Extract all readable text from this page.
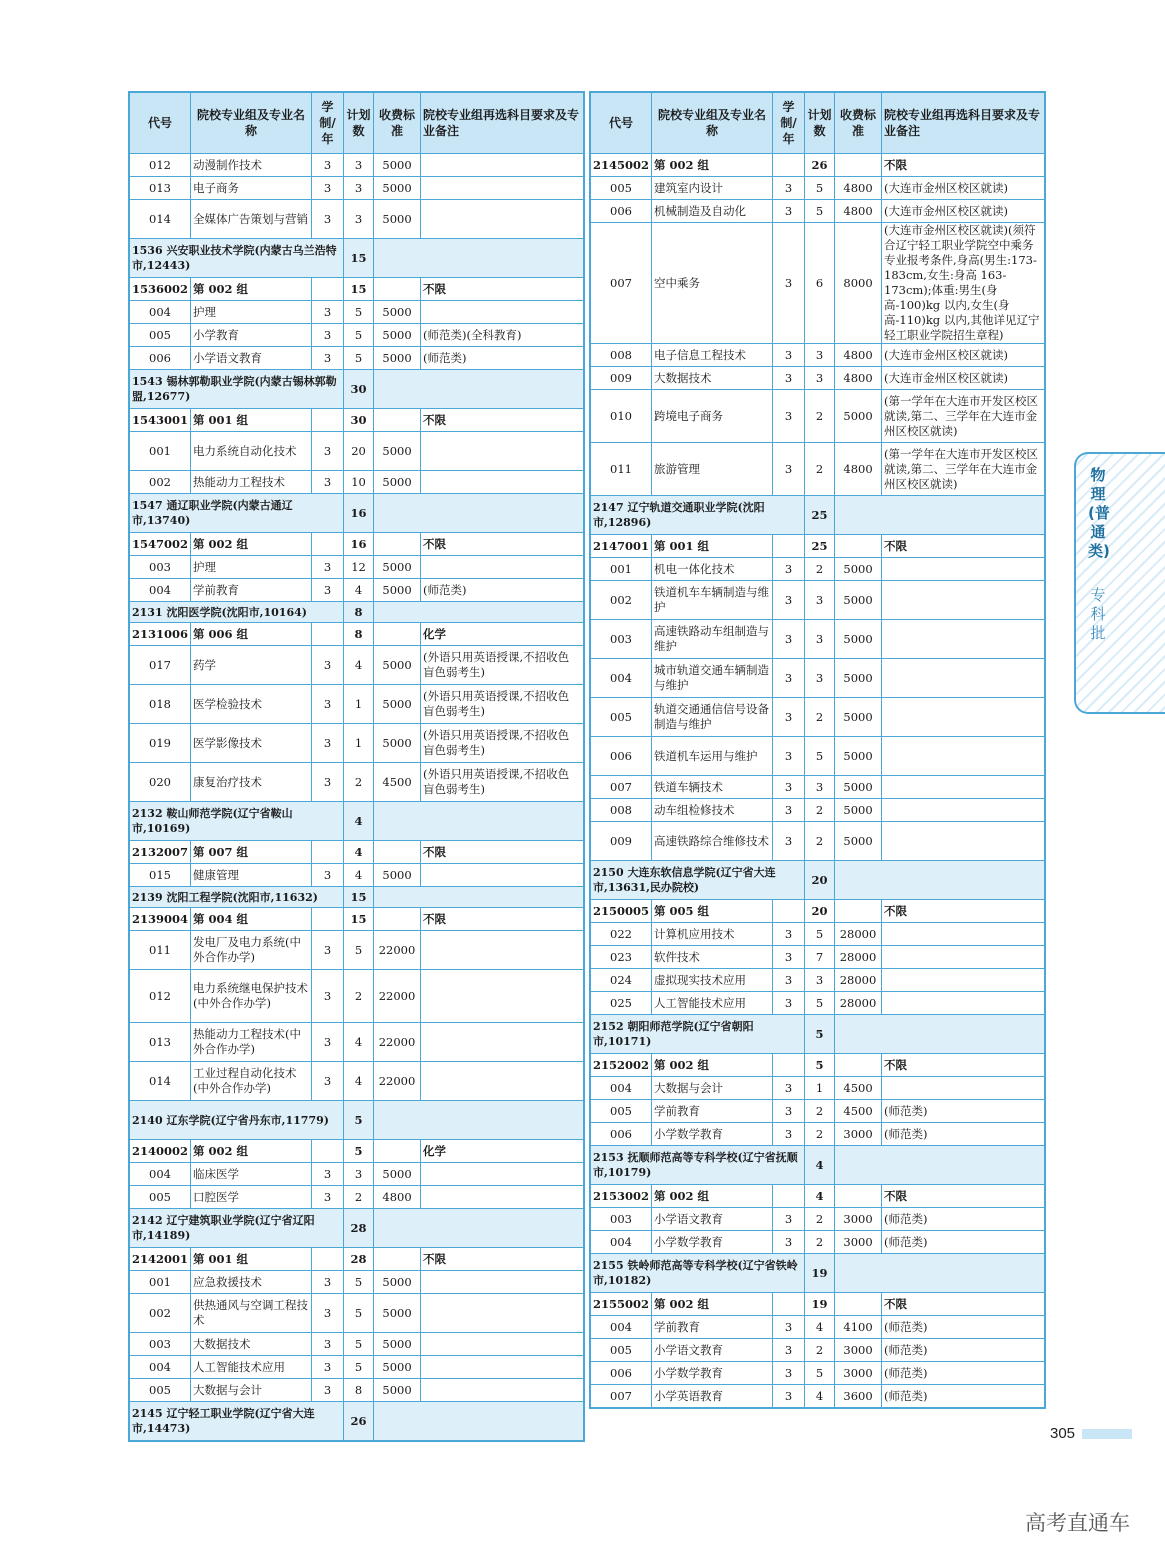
代号	院校专业组及专业名称	学制/年	计划数	收费标准	院校专业组再选科目要求及专业备注
012	动漫制作技术	3	3	5000	
013	电子商务	3	3	5000	
014	全媒体广告策划与营销	3	3	5000	
1536 兴安职业技术学院(内蒙古乌兰浩特市,12443)			15		
1536002	第 002 组		15		不限
004	护理	3	5	5000	
005	小学教育	3	5	5000	(师范类)(全科教育)
006	小学语文教育	3	5	5000	(师范类)
1543 锡林郭勒职业学院(内蒙古锡林郭勒盟,12677)			30		
1543001	第 001 组		30		不限
001	电力系统自动化技术	3	20	5000	
002	热能动力工程技术	3	10	5000	
1547 通辽职业学院(内蒙古通辽市,13740)			16		
1547002	第 002 组		16		不限
003	护理	3	12	5000	
004	学前教育	3	4	5000	(师范类)
2131 沈阳医学院(沈阳市,10164)			8		
2131006	第 006 组		8		化学
017	药学	3	4	5000	(外语只用英语授课,不招收色盲色弱考生)
018	医学检验技术	3	1	5000	(外语只用英语授课,不招收色盲色弱考生)
019	医学影像技术	3	1	5000	(外语只用英语授课,不招收色盲色弱考生)
020	康复治疗技术	3	2	4500	(外语只用英语授课,不招收色盲色弱考生)
2132 鞍山师范学院(辽宁省鞍山市,10169)			4		
2132007	第 007 组		4		不限
015	健康管理	3	4	5000	
2139 沈阳工程学院(沈阳市,11632)			15		
2139004	第 004 组		15		不限
011	发电厂及电力系统(中外合作办学)	3	5	22000	
012	电力系统继电保护技术(中外合作办学)	3	2	22000	
013	热能动力工程技术(中外合作办学)	3	4	22000	
014	工业过程自动化技术(中外合作办学)	3	4	22000	
2140 辽东学院(辽宁省丹东市,11779)			5		
2140002	第 002 组		5		化学
004	临床医学	3	3	5000	
005	口腔医学	3	2	4800	
2142 辽宁建筑职业学院(辽宁省辽阳市,14189)			28		
2142001	第 001 组		28		不限
001	应急救援技术	3	5	5000	
002	供热通风与空调工程技术	3	5	5000	
003	大数据技术	3	5	5000	
004	人工智能技术应用	3	5	5000	
005	大数据与会计	3	8	5000	
2145 辽宁轻工职业学院(辽宁省大连市,14473)			26		
代号	院校专业组及专业名称	学制/年	计划数	收费标准	院校专业组再选科目要求及专业备注
2145002	第 002 组		26		不限
005	建筑室内设计	3	5	4800	(大连市金州区校区就读)
006	机械制造及自动化	3	5	4800	(大连市金州区校区就读)
007	空中乘务	3	6	8000	(大连市金州区校区就读)(须符合辽宁轻工职业学院空中乘务专业报考条件,身高(男生:173-183cm,女生:身高 163-173cm);体重:男生(身高-100)kg 以内,女生(身高-110)kg 以内,其他详见辽宁轻工职业学院招生章程)
008	电子信息工程技术	3	3	4800	(大连市金州区校区就读)
009	大数据技术	3	3	4800	(大连市金州区校区就读)
010	跨境电子商务	3	2	5000	(第一学年在大连市开发区校区就读,第二、三学年在大连市金州区校区就读)
011	旅游管理	3	2	4800	(第一学年在大连市开发区校区就读,第二、三学年在大连市金州区校区就读)
2147 辽宁轨道交通职业学院(沈阳市,12896)			25		
2147001	第 001 组		25		不限
001	机电一体化技术	3	2	5000	
002	铁道机车车辆制造与维护	3	3	5000	
003	高速铁路动车组制造与维护	3	3	5000	
004	城市轨道交通车辆制造与维护	3	3	5000	
005	轨道交通通信信号设备制造与维护	3	2	5000	
006	铁道机车运用与维护	3	5	5000	
007	铁道车辆技术	3	3	5000	
008	动车组检修技术	3	2	5000	
009	高速铁路综合维修技术	3	2	5000	
2150 大连东软信息学院(辽宁省大连市,13631,民办院校)			20		
2150005	第 005 组		20		不限
022	计算机应用技术	3	5	28000	
023	软件技术	3	7	28000	
024	虚拟现实技术应用	3	3	28000	
025	人工智能技术应用	3	5	28000	
2152 朝阳师范学院(辽宁省朝阳市,10171)			5		
2152002	第 002 组		5		不限
004	大数据与会计	3	1	4500	
005	学前教育	3	2	4500	(师范类)
006	小学数学教育	3	2	3000	(师范类)
2153 抚顺师范高等专科学校(辽宁省抚顺市,10179)			4		
2153002	第 002 组		4		不限
003	小学语文教育	3	2	3000	(师范类)
004	小学数学教育	3	2	3000	(师范类)
2155 铁岭师范高等专科学校(辽宁省铁岭市,10182)			19		
2155002	第 002 组		19		不限
004	学前教育	3	4	4100	(师范类)
005	小学语文教育	3	2	3000	(师范类)
006	小学数学教育	3	5	3000	(师范类)
007	小学英语教育	3	4	3600	(师范类)
物理(普通类)
专科批
305
高考直通车
